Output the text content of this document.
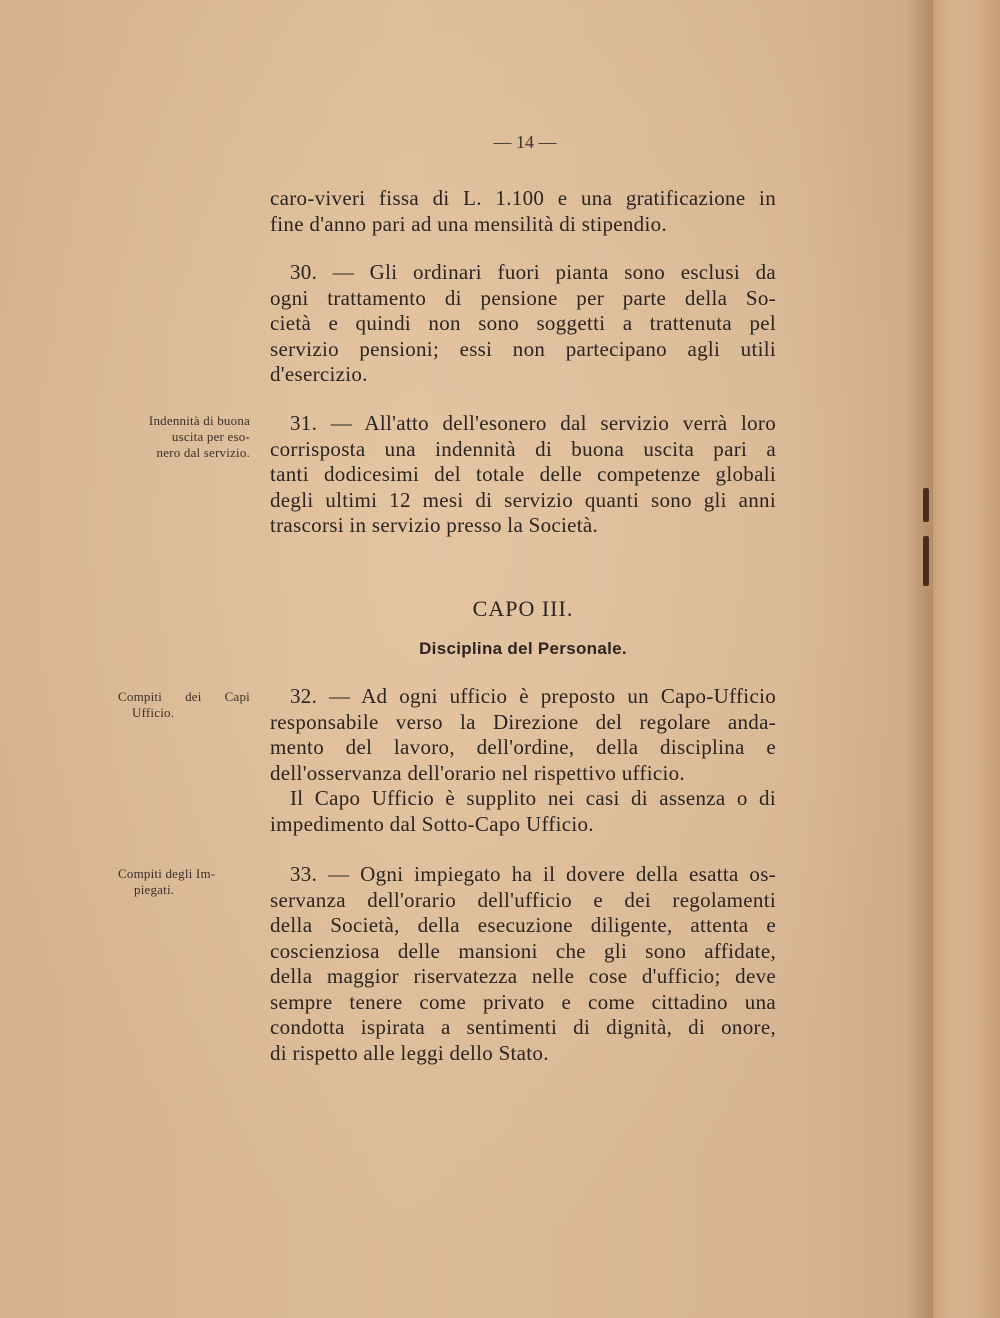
— 14 —
caro-viveri fissa di L. 1.100 e una gratificazione in
fine d'anno pari ad una mensilità di stipendio.
30. — Gli ordinari fuori pianta sono esclusi da
ogni trattamento di pensione per parte della So-
cietà e quindi non sono soggetti a trattenuta pel
servizio pensioni; essi non partecipano agli utili
d'esercizio.
Indennità di buona
uscita per eso-
nero dal servizio.
31. — All'atto dell'esonero dal servizio verrà loro
corrisposta una indennità di buona uscita pari a
tanti dodicesimi del totale delle competenze globali
degli ultimi 12 mesi di servizio quanti sono gli anni
trascorsi in servizio presso la Società.
CAPO III.
Disciplina del Personale.
Compiti dei Capi
Ufficio.
32. — Ad ogni ufficio è preposto un Capo-Ufficio
responsabile verso la Direzione del regolare anda-
mento del lavoro, dell'ordine, della disciplina e
dell'osservanza dell'orario nel rispettivo ufficio.
Il Capo Ufficio è supplito nei casi di assenza o di
impedimento dal Sotto-Capo Ufficio.
Compiti degli Im-
piegati.
33. — Ogni impiegato ha il dovere della esatta os-
servanza dell'orario dell'ufficio e dei regolamenti
della Società, della esecuzione diligente, attenta e
coscienziosa delle mansioni che gli sono affidate,
della maggior riservatezza nelle cose d'ufficio; deve
sempre tenere come privato e come cittadino una
condotta ispirata a sentimenti di dignità, di onore,
di rispetto alle leggi dello Stato.
